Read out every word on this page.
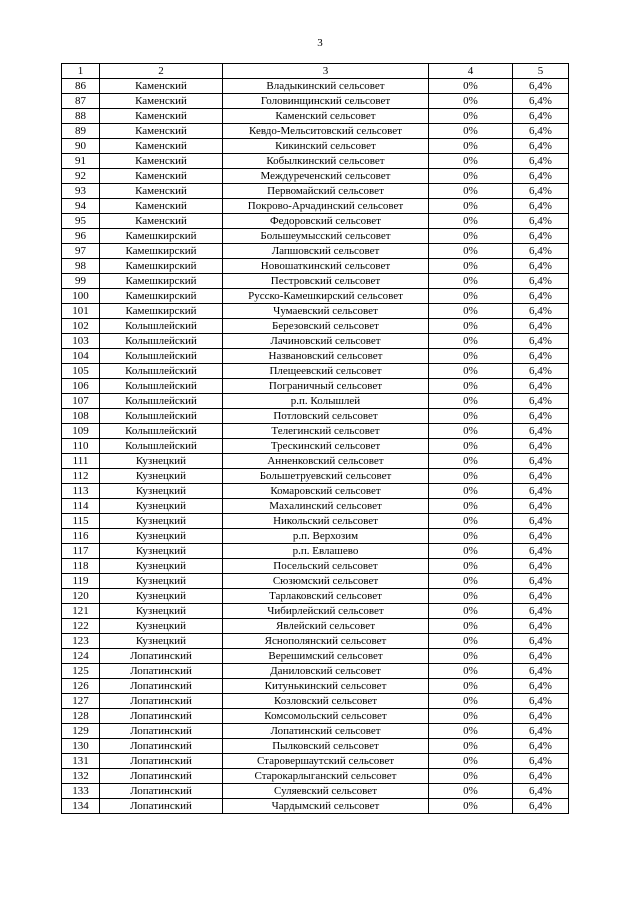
3
1	2	3	4	5
86	Каменский	Владыкинский сельсовет	0%	6,4%
87	Каменский	Головинщинский сельсовет	0%	6,4%
88	Каменский	Каменский сельсовет	0%	6,4%
89	Каменский	Кевдо-Мельситовский сельсовет	0%	6,4%
90	Каменский	Кикинский сельсовет	0%	6,4%
91	Каменский	Кобылкинский сельсовет	0%	6,4%
92	Каменский	Междуреченский сельсовет	0%	6,4%
93	Каменский	Первомайский сельсовет	0%	6,4%
94	Каменский	Покрово-Арчадинский сельсовет	0%	6,4%
95	Каменский	Федоровский сельсовет	0%	6,4%
96	Камешкирский	Большеумысский сельсовет	0%	6,4%
97	Камешкирский	Лапшовский сельсовет	0%	6,4%
98	Камешкирский	Новошаткинский сельсовет	0%	6,4%
99	Камешкирский	Пестровский сельсовет	0%	6,4%
100	Камешкирский	Русско-Камешкирский сельсовет	0%	6,4%
101	Камешкирский	Чумаевский сельсовет	0%	6,4%
102	Колышлейский	Березовский сельсовет	0%	6,4%
103	Колышлейский	Лачиновский сельсовет	0%	6,4%
104	Колышлейский	Названовский сельсовет	0%	6,4%
105	Колышлейский	Плещеевский сельсовет	0%	6,4%
106	Колышлейский	Пограничный сельсовет	0%	6,4%
107	Колышлейский	р.п. Колышлей	0%	6,4%
108	Колышлейский	Потловский сельсовет	0%	6,4%
109	Колышлейский	Телегинский сельсовет	0%	6,4%
110	Колышлейский	Трескинский сельсовет	0%	6,4%
111	Кузнецкий	Анненковский сельсовет	0%	6,4%
112	Кузнецкий	Большетруевский сельсовет	0%	6,4%
113	Кузнецкий	Комаровский сельсовет	0%	6,4%
114	Кузнецкий	Махалинский сельсовет	0%	6,4%
115	Кузнецкий	Никольский сельсовет	0%	6,4%
116	Кузнецкий	р.п. Верхозим	0%	6,4%
117	Кузнецкий	р.п. Евлашево	0%	6,4%
118	Кузнецкий	Посельский сельсовет	0%	6,4%
119	Кузнецкий	Сюзюмский сельсовет	0%	6,4%
120	Кузнецкий	Тарлаковский сельсовет	0%	6,4%
121	Кузнецкий	Чибирлейский сельсовет	0%	6,4%
122	Кузнецкий	Явлейский сельсовет	0%	6,4%
123	Кузнецкий	Яснополянский сельсовет	0%	6,4%
124	Лопатинский	Верешимский сельсовет	0%	6,4%
125	Лопатинский	Даниловский сельсовет	0%	6,4%
126	Лопатинский	Китунькинский сельсовет	0%	6,4%
127	Лопатинский	Козловский сельсовет	0%	6,4%
128	Лопатинский	Комсомольский сельсовет	0%	6,4%
129	Лопатинский	Лопатинский сельсовет	0%	6,4%
130	Лопатинский	Пылковский сельсовет	0%	6,4%
131	Лопатинский	Старовершаутский сельсовет	0%	6,4%
132	Лопатинский	Старокарлыганский сельсовет	0%	6,4%
133	Лопатинский	Суляевский сельсовет	0%	6,4%
134	Лопатинский	Чардымский сельсовет	0%	6,4%
